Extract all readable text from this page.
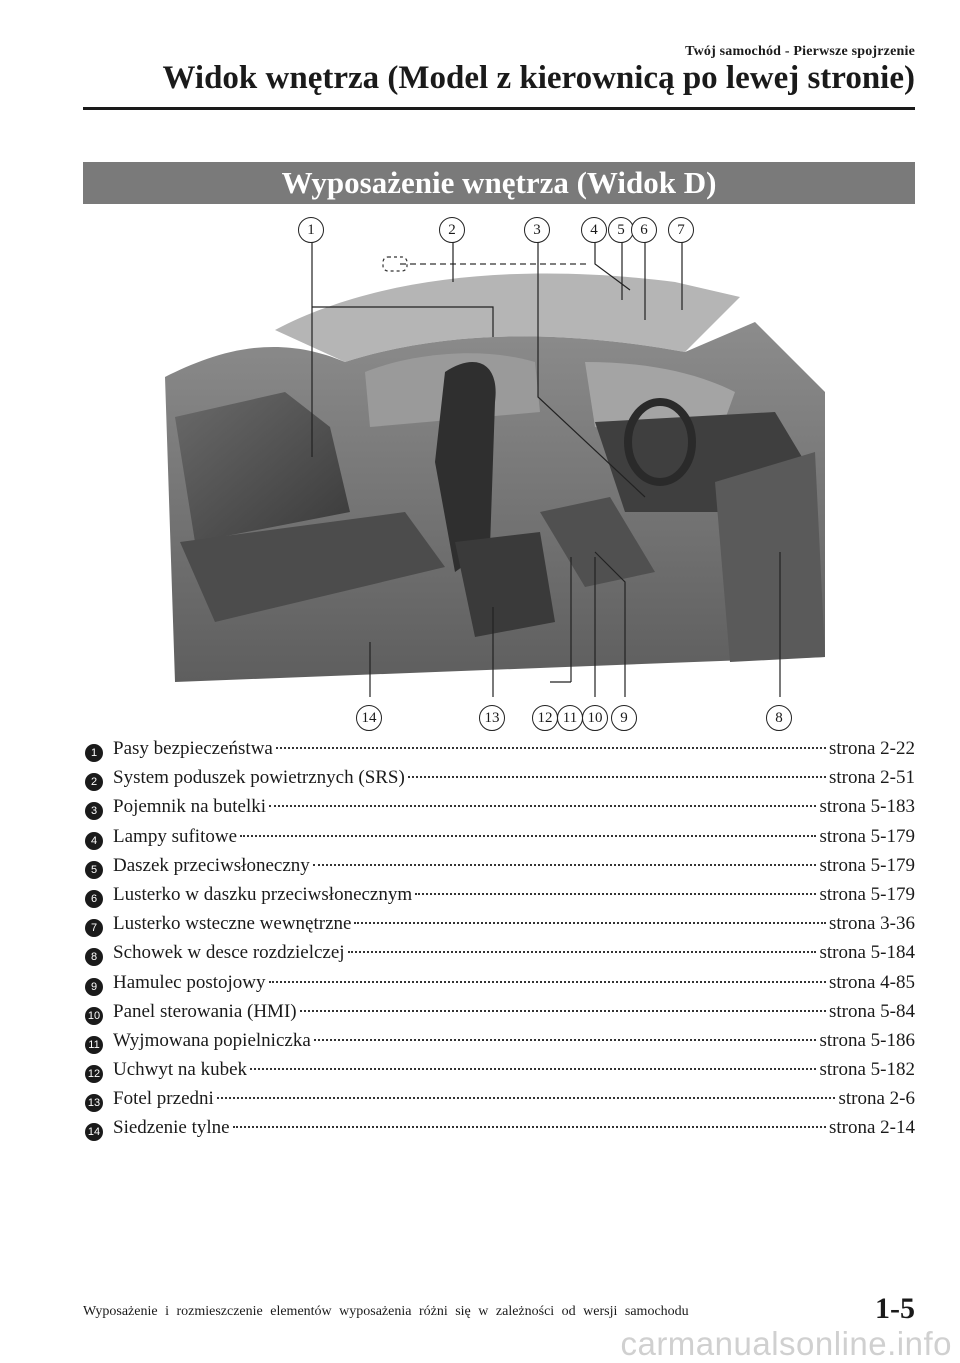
Twój samochód - Pierwsze spojrzenie
Widok wnętrza (Model z kierownicą po lewej stronie)
Wyposażenie wnętrza (Widok D)
1	2	3	4	5	6	7
8
9
10
11
12
13
14
1 Pasy bezpieczeństwa	strona 2-22
2 System poduszek powietrznych (SRS)	strona 2-51
3 Pojemnik na butelki	strona 5-183
4 Lampy sufitowe	strona 5-179
5 Daszek przeciwsłoneczny	strona 5-179
6 Lusterko w daszku przeciwsłonecznym	strona 5-179
7 Lusterko wsteczne wewnętrzne	strona 3-36
8 Schowek w desce rozdzielczej	strona 5-184
9 Hamulec postojowy	strona 4-85
10 Panel sterowania (HMI)	strona 5-84
11 Wyjmowana popielniczka	strona 5-186
12 Uchwyt na kubek	strona 5-182
13 Fotel przedni	strona 2-6
14 Siedzenie tylne	strona 2-14
Wyposażenie i rozmieszczenie elementów wyposażenia różni się w zależności od wersji samochodu	1-5
carmanualsonline.info
